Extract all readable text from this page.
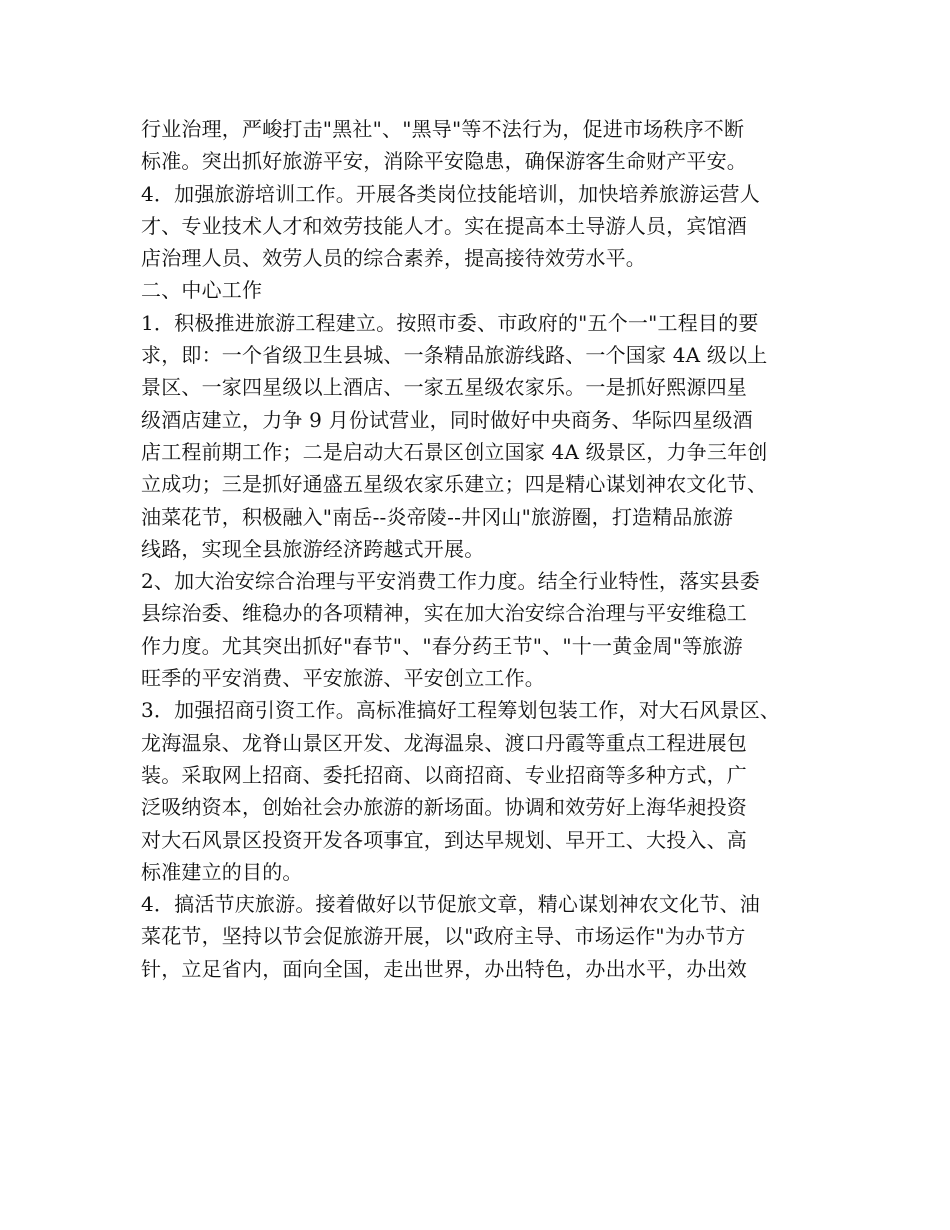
行业治理，严峻打击"黑社"、"黑导"等不法行为，促进市场秩序不断
标准。突出抓好旅游平安，消除平安隐患，确保游客生命财产平安。
4．加强旅游培训工作。开展各类岗位技能培训，加快培养旅游运营人
才、专业技术人才和效劳技能人才。实在提高本土导游人员，宾馆酒
店治理人员、效劳人员的综合素养，提高接待效劳水平。
二、中心工作
1．积极推进旅游工程建立。按照市委、市政府的"五个一"工程目的要
求，即：一个省级卫生县城、一条精品旅游线路、一个国家 4A 级以上
景区、一家四星级以上酒店、一家五星级农家乐。一是抓好熙源四星
级酒店建立，力争 9 月份试营业，同时做好中央商务、华际四星级酒
店工程前期工作；二是启动大石景区创立国家 4A 级景区，力争三年创
立成功；三是抓好通盛五星级农家乐建立；四是精心谋划神农文化节、
油菜花节，积极融入"南岳--炎帝陵--井冈山"旅游圈，打造精品旅游
线路，实现全县旅游经济跨越式开展。
2、加大治安综合治理与平安消费工作力度。结全行业特性，落实县委
县综治委、维稳办的各项精神，实在加大治安综合治理与平安维稳工
作力度。尤其突出抓好"春节"、"春分药王节"、"十一黄金周"等旅游
旺季的平安消费、平安旅游、平安创立工作。
3．加强招商引资工作。高标准搞好工程筹划包装工作，对大石风景区、
龙海温泉、龙脊山景区开发、龙海温泉、渡口丹霞等重点工程进展包
装。采取网上招商、委托招商、以商招商、专业招商等多种方式，广
泛吸纳资本，创始社会办旅游的新场面。协调和效劳好上海华昶投资
对大石风景区投资开发各项事宜，到达早规划、早开工、大投入、高
标准建立的目的。
4．搞活节庆旅游。接着做好以节促旅文章，精心谋划神农文化节、油
菜花节，坚持以节会促旅游开展，以"政府主导、市场运作"为办节方
针，立足省内，面向全国，走出世界，办出特色，办出水平，办出效
